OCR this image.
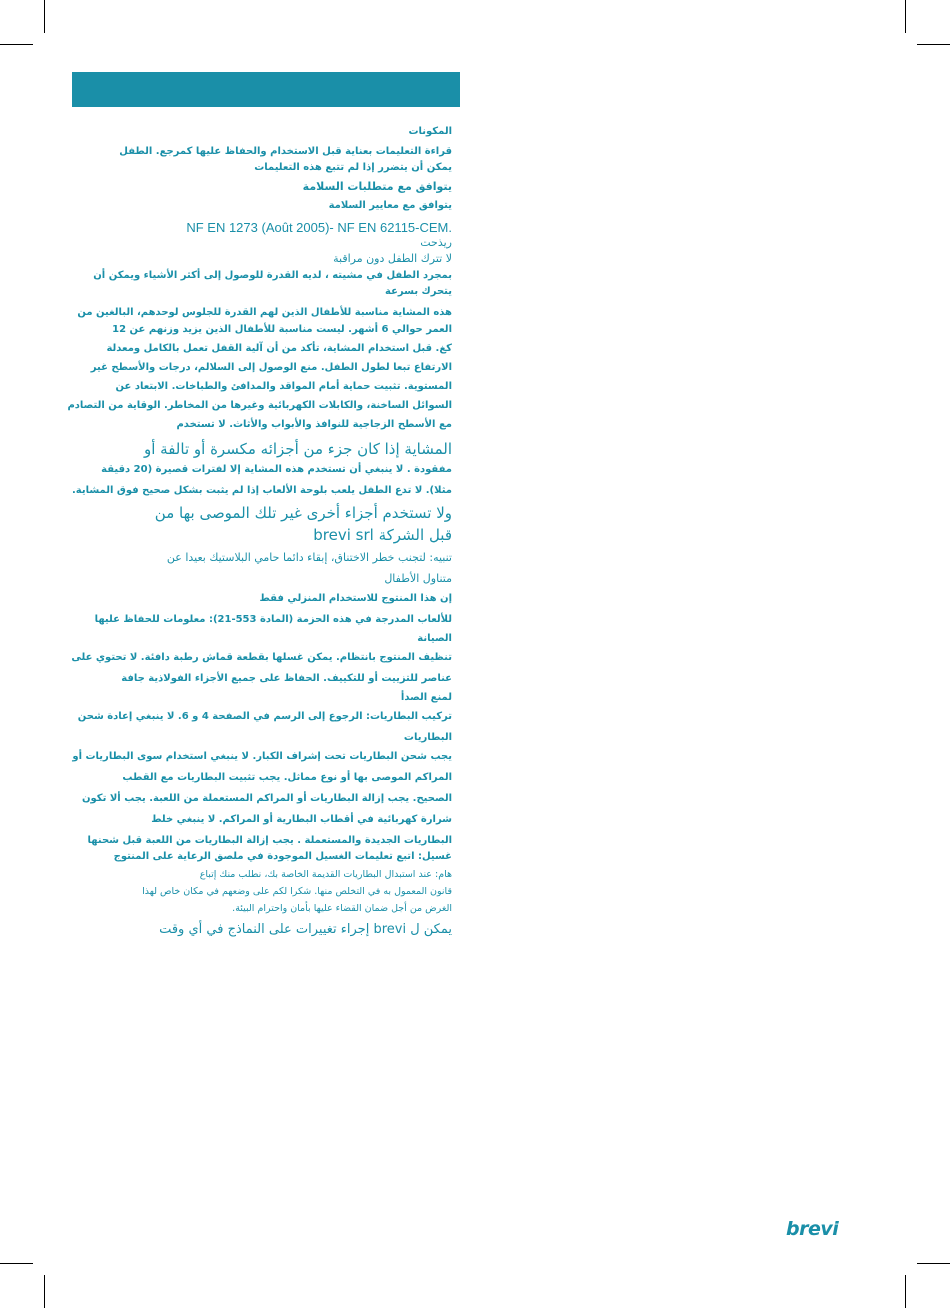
المكونات
قراءة التعليمات بعناية قبل الاستخدام والحفاظ عليها كمرجع. الطفل
يمكن أن يتضرر إذا لم تتبع هذه التعليمات
يتوافق مع متطلبات السلامة
يتوافق مع معايير السلامة
NF EN 1273 (Août 2005)- NF EN 62115-CEM.
ريذحت
لا تترك الطفل دون مراقبة
بمجرد الطفل في مشيته ، لديه القدرة للوصول إلى أكثر الأشياء ويمكن أن
يتحرك بسرعة
هذه المشاية مناسبة للأطفال الذين لهم القدرة للجلوس لوحدهم، البالغين من
العمر حوالي 6 أشهر. ليست مناسبة للأطفال الذين يزيد وزنهم عن 12
كغ. قبل استخدام المشاية، تأكد من أن آلية القفل تعمل بالكامل ومعدلة
الارتفاع تبعا لطول الطفل. منع الوصول إلى السلالم، درجات والأسطح غير
المستوية. تثبيت حماية أمام المواقد والمدافئ والطباخات. الابتعاد عن
السوائل الساخنة، والكابلات الكهربائية وغيرها من المخاطر. الوقاية من التصادم
مع الأسطح الزجاجية للنوافذ والأبواب والأثاث. لا تستخدم
المشاية إذا كان جزء من أجزائه مكسرة أو تالفة أو
مفقودة . لا ينبغي أن تستخدم هذه المشاية إلا لفترات قصيرة (20 دقيقة
مثلا). لا تدع الطفل يلعب بلوحة الألعاب إذا لم يثبت بشكل صحيح فوق المشاية.
ولا تستخدم أجزاء أخرى غير تلك الموصى بها من
قبل الشركة brevi srl
تنبيه: لتجنب خطر الاختناق، إبقاء دائما حامي البلاستيك بعيدا عن
متناول الأطفال
إن هذا المنتوج للاستخدام المنزلي فقط
للألعاب المدرجة في هذه الحزمة (المادة 553-21): معلومات للحفاظ عليها
الصيانة
تنظيف المنتوج بانتظام. يمكن غسلها بقطعة قماش رطبة دافئة. لا تحتوي على
عناصر للتزييت أو للتكييف. الحفاظ على جميع الأجزاء الفولاذية جافة
لمنع الصدأ
تركيب البطاريات: الرجوع إلى الرسم في الصفحة 4 و 6. لا ينبغي إعادة شحن
البطاريات
يجب شحن البطاريات تحت إشراف الكبار. لا ينبغي استخدام سوى البطاريات أو
المراكم الموصى بها أو نوع مماثل. يجب تثبيت البطاريات مع القطب
الصحيح. يجب إزالة البطاريات أو المراكم المستعملة من اللعبة. يجب ألا تكون
شرارة كهربائية في أقطاب البطارية أو المراكم. لا ينبغي خلط
البطاريات الجديدة والمستعملة . يجب إزالة البطاريات من اللعبة قبل شحنها
غسيل: اتبع تعليمات الغسيل الموجودة في ملصق الرعاية على المنتوج
هام: عند استبدال البطاريات القديمة الخاصة بك، نطلب منك إتباع
قانون المعمول به في التخلص منها. شكرا لكم على وضعهم في مكان خاص لهذا
الغرض من أجل ضمان القضاء عليها بأمان واحترام البيئة.
يمكن ل brevi إجراء تغييرات على النماذج في أي وقت
brevi
